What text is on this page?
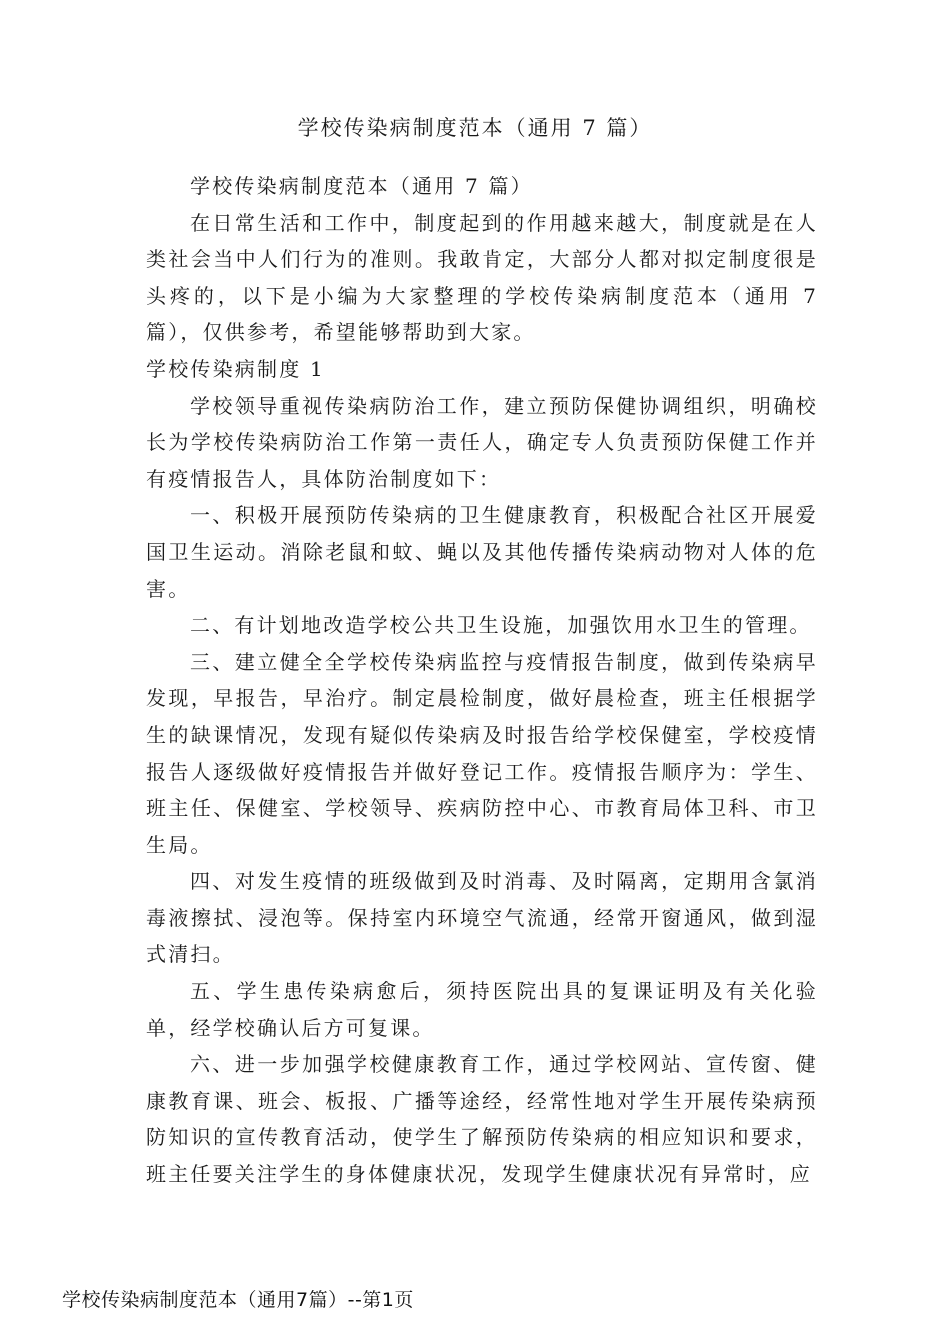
学校传染病制度范本（通用 7 篇）

学校传染病制度范本（通用 7 篇）

在日常生活和工作中，制度起到的作用越来越大，制度就是在人类社会当中人们行为的准则。我敢肯定，大部分人都对拟定制度很是头疼的，以下是小编为大家整理的学校传染病制度范本（通用 7 篇），仅供参考，希望能够帮助到大家。

学校传染病制度 1

学校领导重视传染病防治工作，建立预防保健协调组织，明确校长为学校传染病防治工作第一责任人，确定专人负责预防保健工作并有疫情报告人，具体防治制度如下：

一、积极开展预防传染病的卫生健康教育，积极配合社区开展爱国卫生运动。消除老鼠和蚊、蝇以及其他传播传染病动物对人体的危害。

二、有计划地改造学校公共卫生设施，加强饮用水卫生的管理。

三、建立健全全学校传染病监控与疫情报告制度，做到传染病早发现，早报告，早治疗。制定晨检制度，做好晨检查，班主任根据学生的缺课情况，发现有疑似传染病及时报告给学校保健室，学校疫情报告人逐级做好疫情报告并做好登记工作。疫情报告顺序为：学生、班主任、保健室、学校领导、疾病防控中心、市教育局体卫科、市卫生局。

四、对发生疫情的班级做到及时消毒、及时隔离，定期用含氯消毒液擦拭、浸泡等。保持室内环境空气流通，经常开窗通风，做到湿式清扫。

五、学生患传染病愈后，须持医院出具的复课证明及有关化验单，经学校确认后方可复课。

六、进一步加强学校健康教育工作，通过学校网站、宣传窗、健康教育课、班会、板报、广播等途经，经常性地对学生开展传染病预防知识的宣传教育活动，使学生了解预防传染病的相应知识和要求，班主任要关注学生的身体健康状况，发现学生健康状况有异常时，应

学校传染病制度范本（通用7篇）--第1页
